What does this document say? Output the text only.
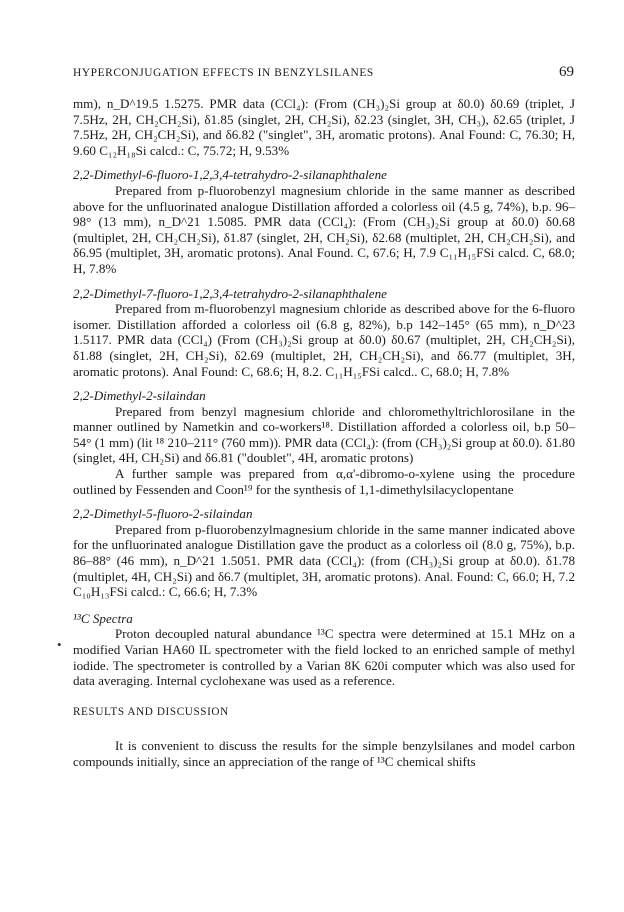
HYPERCONJUGATION EFFECTS IN BENZYLSILANES	69
•

mm), n_D^19.5 1.5275. PMR data (CCl₄): (From (CH₃)₂Si group at δ0.0) δ0.69 (triplet, J 7.5Hz, 2H, CH₂CH₂Si), δ1.85 (singlet, 2H, CH₂Si), δ2.23 (singlet, 3H, CH₃), δ2.65 (triplet, J 7.5Hz, 2H, CH₂CH₂Si), and δ6.82 ("singlet", 3H, aromatic protons). Anal Found: C, 76.30; H, 9.60 C₁₂H₁₈Si calcd.: C, 75.72; H, 9.53%

2,2-Dimethyl-6-fluoro-1,2,3,4-tetrahydro-2-silanaphthalene

Prepared from p-fluorobenzyl magnesium chloride in the same manner as described above for the unfluorinated analogue Distillation afforded a colorless oil (4.5 g, 74%), b.p. 96–98° (13 mm), n_D^21 1.5085. PMR data (CCl₄): (From (CH₃)₂Si group at δ0.0) δ0.68 (multiplet, 2H, CH₂CH₂Si), δ1.87 (singlet, 2H, CH₂Si), δ2.68 (multiplet, 2H, CH₂CH₂Si), and δ6.95 (multiplet, 3H, aromatic protons). Anal Found. C, 67.6; H, 7.9 C₁₁H₁₅FSi calcd. C, 68.0; H, 7.8%

2,2-Dimethyl-7-fluoro-1,2,3,4-tetrahydro-2-silanaphthalene

Prepared from m-fluorobenzyl magnesium chloride as described above for the 6-fluoro isomer. Distillation afforded a colorless oil (6.8 g, 82%), b.p 142–145° (65 mm), n_D^23 1.5117. PMR data (CCl₄) (From (CH₃)₂Si group at δ0.0) δ0.67 (multiplet, 2H, CH₂CH₂Si), δ1.88 (singlet, 2H, CH₂Si), δ2.69 (multiplet, 2H, CH₂CH₂Si), and δ6.77 (multiplet, 3H, aromatic protons). Anal Found: C, 68.6; H, 8.2. C₁₁H₁₅FSi calcd.. C, 68.0; H, 7.8%

2,2-Dimethyl-2-silaindan

Prepared from benzyl magnesium chloride and chloromethyltrichlorosilane in the manner outlined by Nametkin and co-workers¹⁸. Distillation afforded a colorless oil, b.p 50–54° (1 mm) (lit ¹⁸ 210–211° (760 mm)). PMR data (CCl₄): (from (CH₃)₂Si group at δ0.0). δ1.80 (singlet, 4H, CH₂Si) and δ6.81 ("doublet", 4H, aromatic protons)

A further sample was prepared from α,α'-dibromo-o-xylene using the procedure outlined by Fessenden and Coon¹⁹ for the synthesis of 1,1-dimethylsilacyclopentane

2,2-Dimethyl-5-fluoro-2-silaindan

Prepared from p-fluorobenzylmagnesium chloride in the same manner indicated above for the unfluorinated analogue Distillation gave the product as a colorless oil (8.0 g, 75%), b.p. 86–88° (46 mm), n_D^21 1.5051. PMR data (CCl₄): (from (CH₃)₂Si group at δ0.0). δ1.78 (multiplet, 4H, CH₂Si) and δ6.7 (multiplet, 3H, aromatic protons). Anal. Found: C, 66.0; H, 7.2 C₁₀H₁₃FSi calcd.: C, 66.6; H, 7.3%

¹³C Spectra

Proton decoupled natural abundance ¹³C spectra were determined at 15.1 MHz on a modified Varian HA60 IL spectrometer with the field locked to an enriched sample of methyl iodide. The spectrometer is controlled by a Varian 8K 620i computer which was also used for data averaging. Internal cyclohexane was used as a reference.

RESULTS AND DISCUSSION

It is convenient to discuss the results for the simple benzylsilanes and model carbon compounds initially, since an appreciation of the range of ¹³C chemical shifts
